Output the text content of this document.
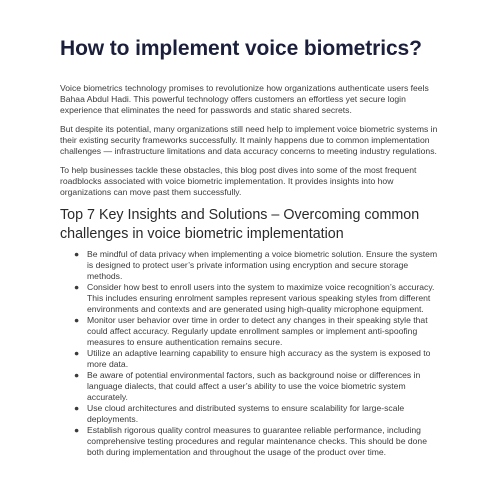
How to implement voice biometrics?

Voice biometrics technology promises to revolutionize how organizations authenticate users feels Bahaa Abdul Hadi. This powerful technology offers customers an effortless yet secure login experience that eliminates the need for passwords and static shared secrets.

But despite its potential, many organizations still need help to implement voice biometric systems in their existing security frameworks successfully. It mainly happens due to common implementation challenges — infrastructure limitations and data accuracy concerns to meeting industry regulations.

To help businesses tackle these obstacles, this blog post dives into some of the most frequent roadblocks associated with voice biometric implementation. It provides insights into how organizations can move past them successfully.

Top 7 Key Insights and Solutions – Overcoming common challenges in voice biometric implementation
● Be mindful of data privacy when implementing a voice biometric solution. Ensure the system is designed to protect user’s private information using encryption and secure storage methods.
● Consider how best to enroll users into the system to maximize voice recognition’s accuracy. This includes ensuring enrolment samples represent various speaking styles from different environments and contexts and are generated using high-quality microphone equipment.
● Monitor user behavior over time in order to detect any changes in their speaking style that could affect accuracy. Regularly update enrollment samples or implement anti-spoofing measures to ensure authentication remains secure.
● Utilize an adaptive learning capability to ensure high accuracy as the system is exposed to more data.
● Be aware of potential environmental factors, such as background noise or differences in language dialects, that could affect a user’s ability to use the voice biometric system accurately.
● Use cloud architectures and distributed systems to ensure scalability for large-scale deployments.
● Establish rigorous quality control measures to guarantee reliable performance, including comprehensive testing procedures and regular maintenance checks. This should be done both during implementation and throughout the usage of the product over time.
